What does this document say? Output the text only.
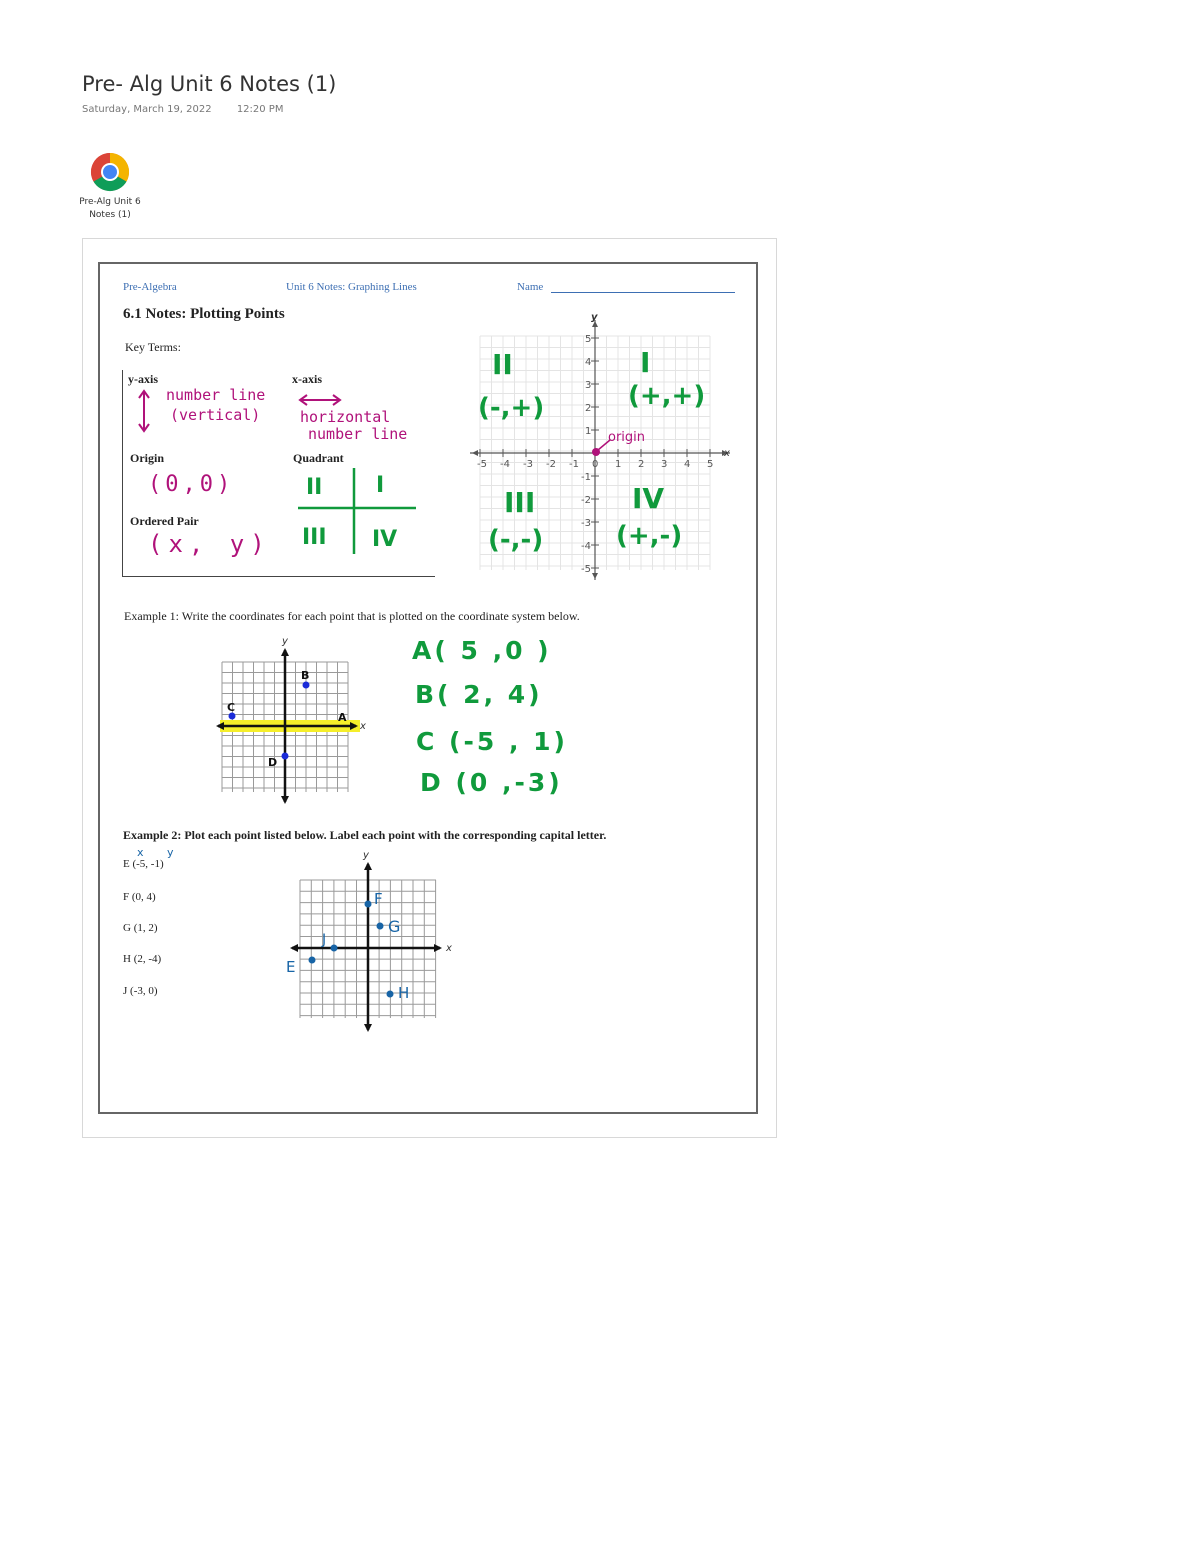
Pre- Alg Unit 6 Notes (1)
Saturday, March 19, 2022	12:20 PM
Pre-Alg Unit 6 Notes (1)
Pre-Algebra	Unit 6 Notes: Graphing Lines	Name
6.1 Notes: Plotting Points
Key Terms:
y-axis
number line
(vertical)
x-axis
horizontal
number line
Origin
(0,0)
Quadrant
II I
III IV
Ordered Pair
(x, y)
x
y
-5 -4 -3 -2 -1 0 1 2 3 4 5
5
4
3
2
1
-1
-2
-3
-4
-5
origin
II
(-,+)
I
(+,+)
III
(-,-)
IV
(+,-)
Example 1: Write the coordinates for each point that is plotted on the coordinate system below.
x
y
B
C
A
D
A( 5 ,0 )
B( 2, 4)
C (-5 , 1)
D (0 ,-3)
Example 2: Plot each point listed below. Label each point with the corresponding capital letter.
x y
E (-5, -1)
F (0, 4)
G (1, 2)
H (2, -4)
J (-3, 0)
x
y
F
G
J
E
H
